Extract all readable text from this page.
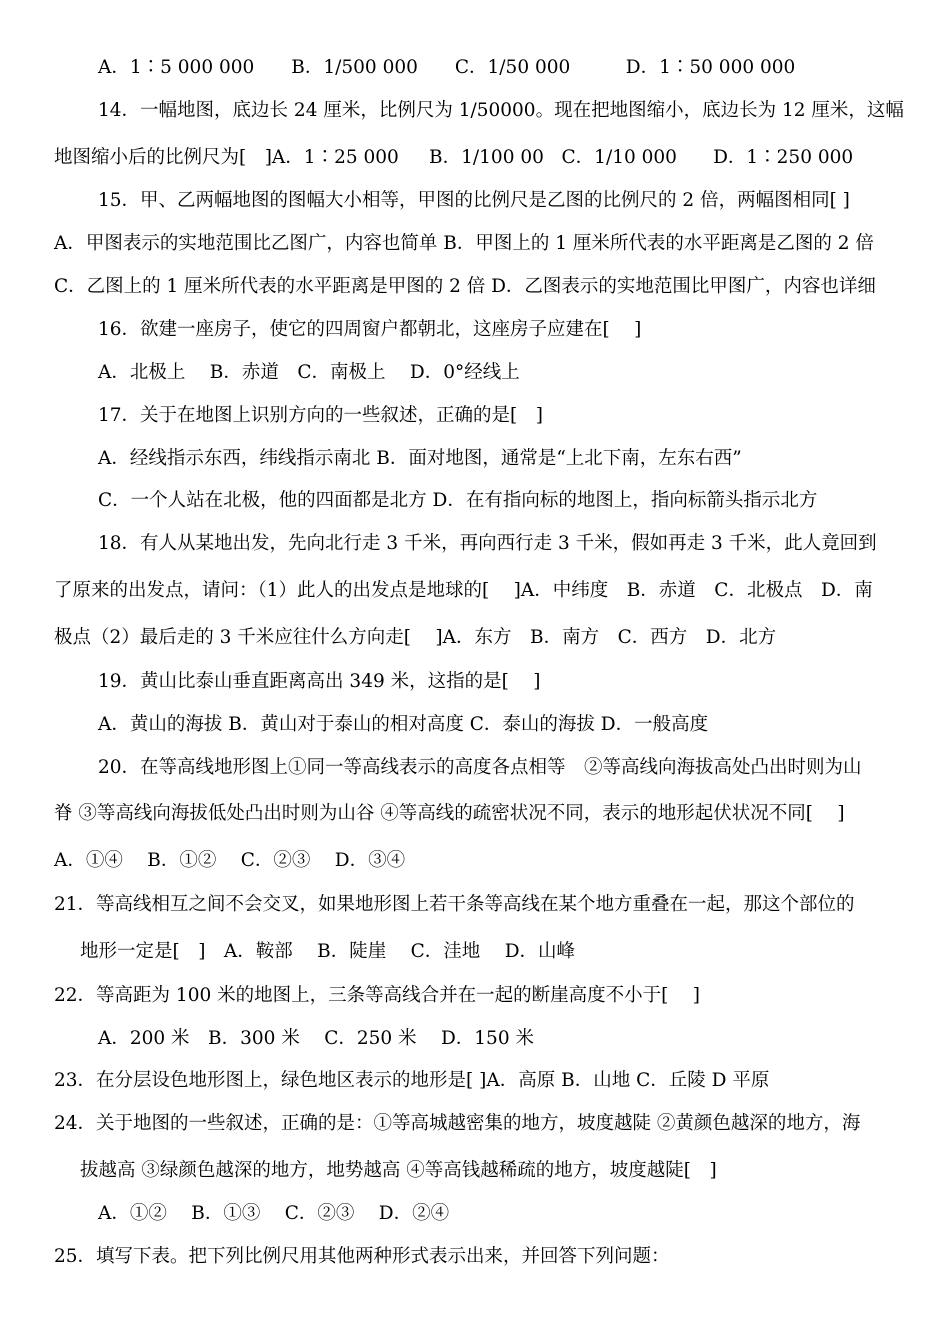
A．1∶5 000 000　　B．1/500 000　　C．1/50 000　　　D．1∶50 000 000
14．一幅地图，底边长 24 厘米，比例尺为 1/50000。现在把地图缩小，底边长为 12 厘米，这幅
地图缩小后的比例尺为[　]A．1∶25 000　  B．1/100 00   C．1/10 000　   D．1∶250 000
15．甲、乙两幅地图的图幅大小相等，甲图的比例尺是乙图的比例尺的 2 倍，两幅图相同[ ]
A．甲图表示的实地范围比乙图广，内容也简单 B．甲图上的 1 厘米所代表的水平距离是乙图的 2 倍
C．乙图上的 1 厘米所代表的水平距离是甲图的 2 倍 D．乙图表示的实地范围比甲图广，内容也详细
16．欲建一座房子，使它的四周窗户都朝北，这座房子应建在[　 ]
A．北极上　 B．赤道　C．南极上　 D．0°经线上
17．关于在地图上识别方向的一些叙述，正确的是[　]
A．经线指示东西，纬线指示南北 B．面对地图，通常是“上北下南，左东右西”
C．一个人站在北极，他的四面都是北方 D．在有指向标的地图上，指向标箭头指示北方
18．有人从某地出发，先向北行走 3 千米，再向西行走 3 千米，假如再走 3 千米，此人竟回到
了原来的出发点，请问：（1）此人的出发点是地球的[　 ]A．中纬度　B．赤道　C．北极点　D．南
极点（2）最后走的 3 千米应往什么方向走[　 ]A．东方　B．南方　C．西方　D．北方
19．黄山比泰山垂直距离高出 349 米，这指的是[　 ]
A．黄山的海拔 B．黄山对于泰山的相对高度 C．泰山的海拔 D．一般高度
20．在等高线地形图上①同一等高线表示的高度各点相等　②等高线向海拔高处凸出时则为山
脊 ③等高线向海拔低处凸出时则为山谷 ④等高线的疏密状况不同，表示的地形起伏状况不同[　 ]
A．①④　 B．①②　 C．②③　 D．③④
21．等高线相互之间不会交叉，如果地形图上若干条等高线在某个地方重叠在一起，那这个部位的
地形一定是[　]　A．鞍部　 B．陡崖　 C．洼地　 D．山峰
22．等高距为 100 米的地图上，三条等高线合并在一起的断崖高度不小于[　 ]
A．200 米　B．300 米　 C．250 米　 D．150 米
23．在分层设色地形图上，绿色地区表示的地形是[ ]A．高原 B．山地 C．丘陵 D 平原
24．关于地图的一些叙述，正确的是：①等高城越密集的地方，坡度越陡 ②黄颜色越深的地方，海
拔越高 ③绿颜色越深的地方，地势越高 ④等高钱越稀疏的地方，坡度越陡[　]
A．①②　 B．①③　 C．②③　 D．②④
25．填写下表。把下列比例尺用其他两种形式表示出来，并回答下列问题：
